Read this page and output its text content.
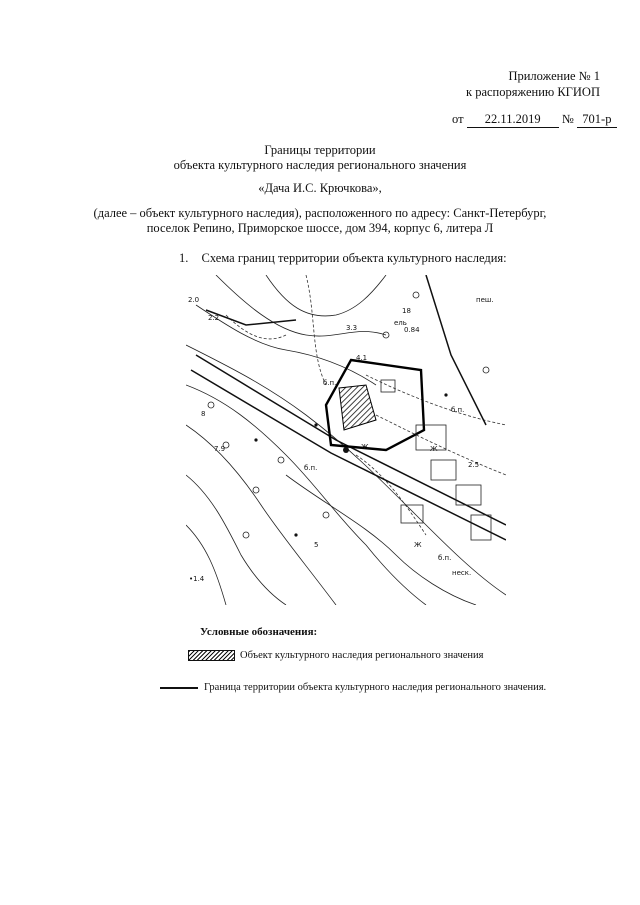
Приложение № 1
к распоряжению КГИОП
от 22.11.2019 № 701-р
Границы территории
объекта культурного наследия регионального значения
«Дача И.С. Крючкова»,
(далее – объект культурного наследия), расположенного по адресу: Санкт-Петербург,
поселок Репино, Приморское шоссе, дом 394, корпус 6, литера Л
1. Схема границ территории объекта культурного наследия:
2.0
2.2
3.3
4.1
ель
18
0.84
б.п.
б.п.
7.9
8
5
•1.4
пеш.
б.п.
2.5
Ж
Ж
Ж
б.п.
неск.
Условные обозначения:
Объект культурного наследия регионального значения
Граница территории объекта культурного наследия регионального значения.
